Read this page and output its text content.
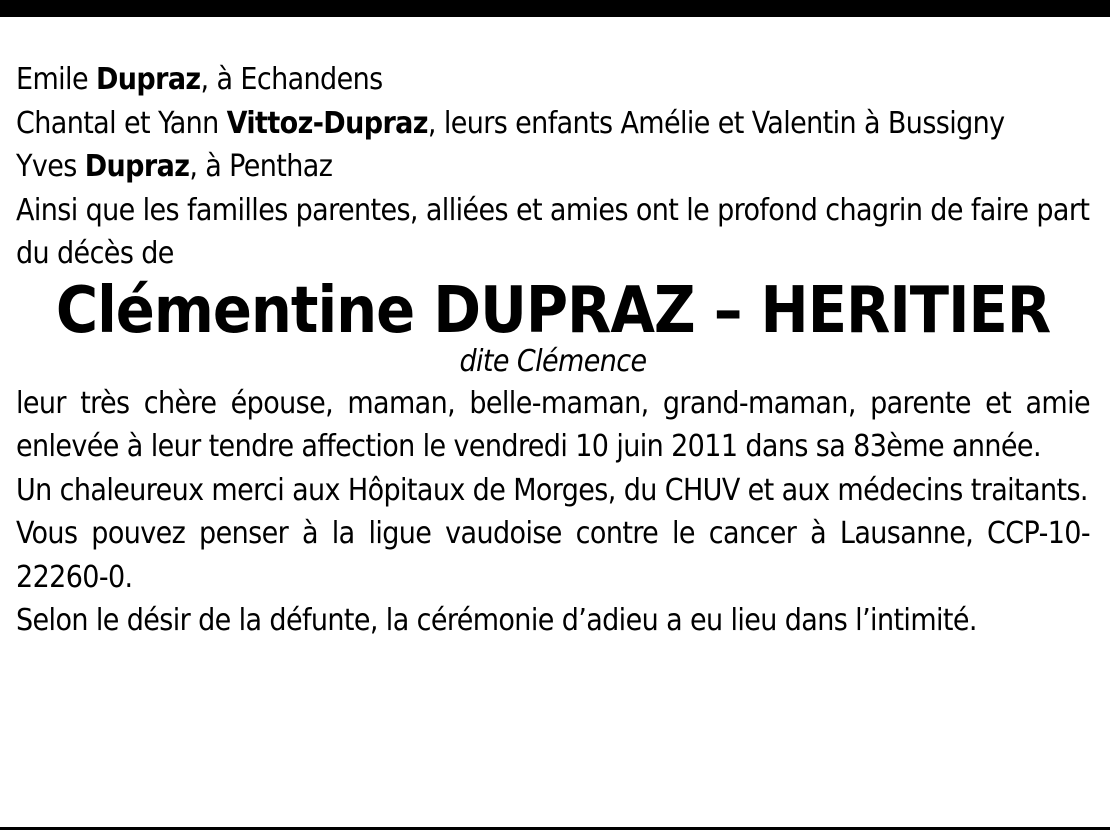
Emile Dupraz, à Echandens

Chantal et Yann Vittoz-Dupraz, leurs enfants Amélie et Valentin à Bussigny

Yves Dupraz, à Penthaz

Ainsi que les familles parentes, alliées et amies ont le profond chagrin de faire part du décès de

Clémentine DUPRAZ – HERITIER

dite Clémence

leur très chère épouse, maman, belle-maman, grand-maman, parente et amie enlevée à leur tendre affection le vendredi 10 juin 2011 dans sa 83ème année.

Un chaleureux merci aux Hôpitaux de Morges, du CHUV et aux médecins traitants.

Vous pouvez penser à la ligue vaudoise contre le cancer à Lausanne, CCP-10-22260-0.

Selon le désir de la défunte, la cérémonie d’adieu a eu lieu dans l’intimité.
